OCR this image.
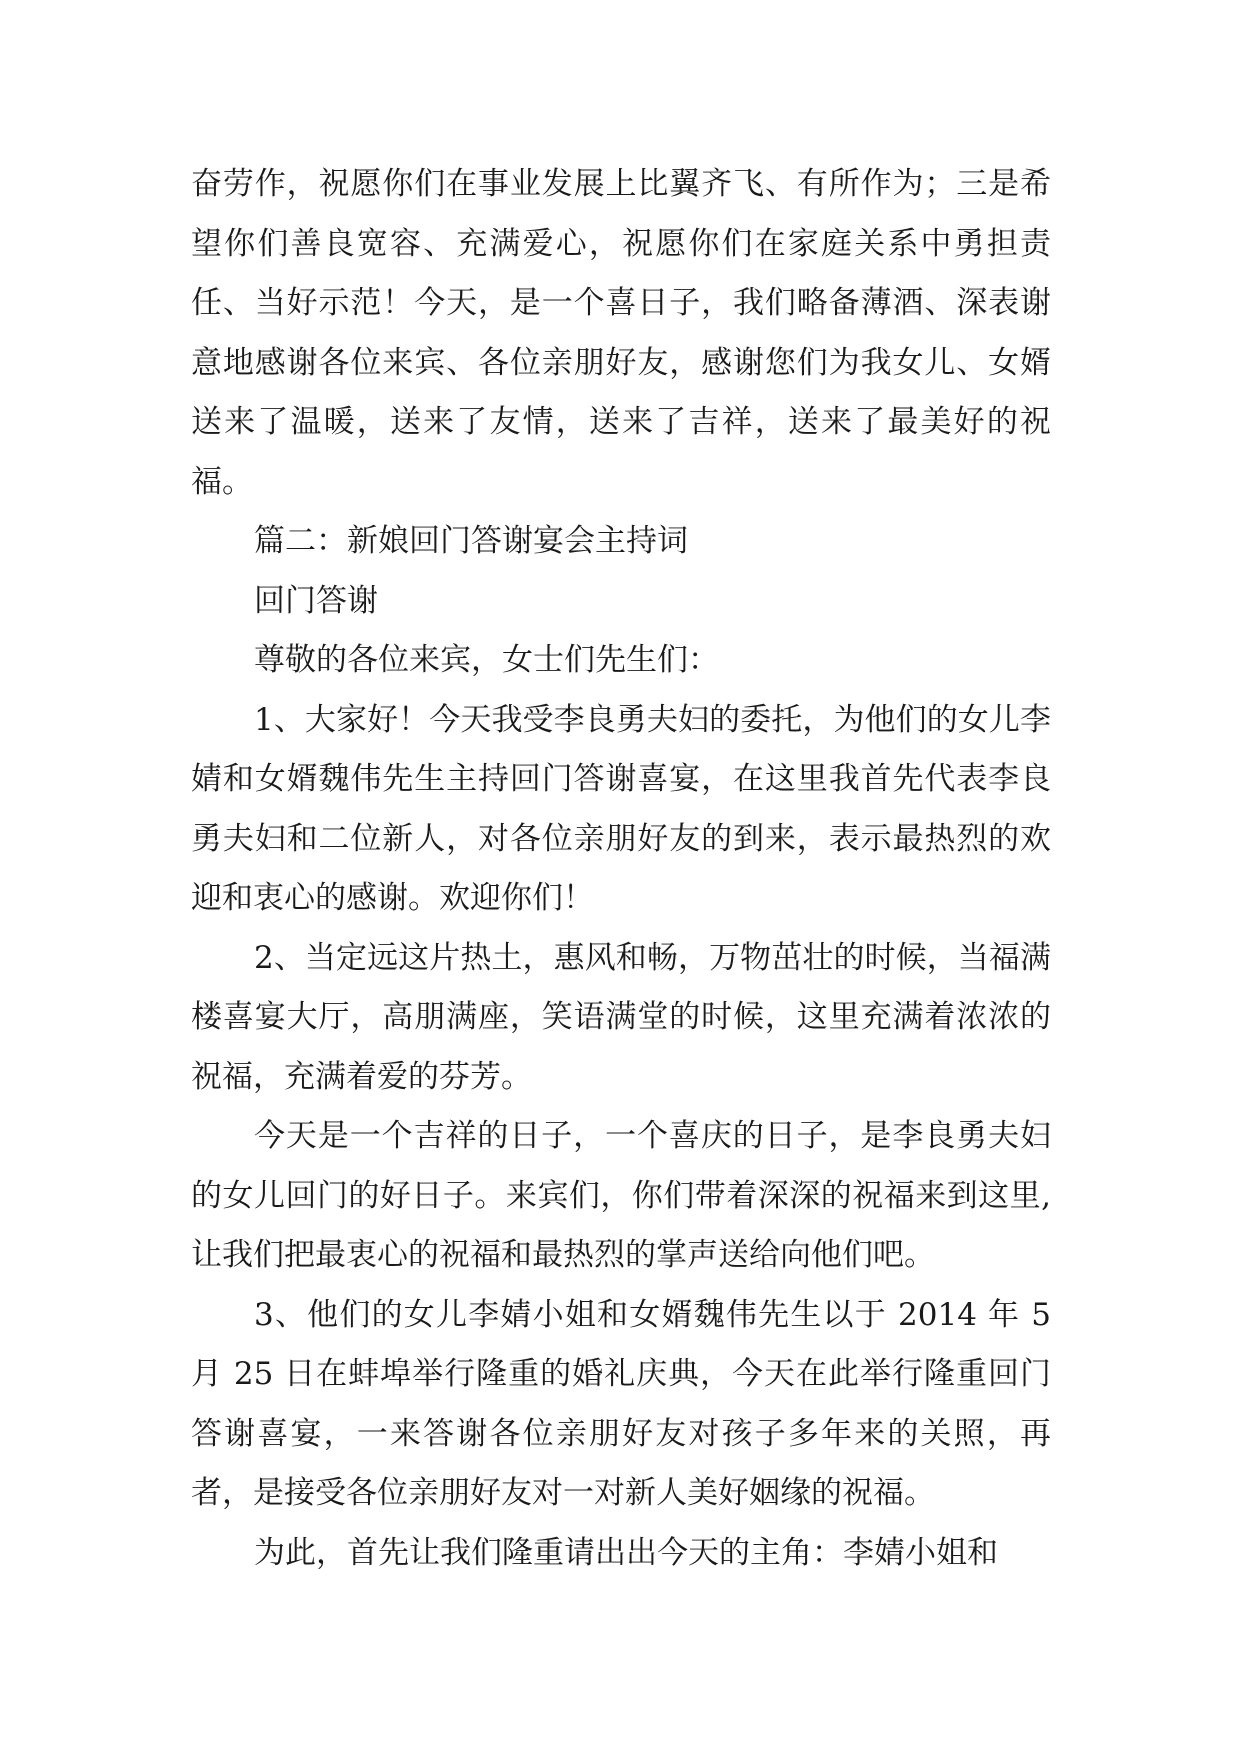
奋劳作，祝愿你们在事业发展上比翼齐飞、有所作为；三是希望你们善良宽容、充满爱心，祝愿你们在家庭关系中勇担责任、当好示范！今天，是一个喜日子，我们略备薄酒、深表谢意地感谢各位来宾、各位亲朋好友，感谢您们为我女儿、女婿送来了温暖，送来了友情，送来了吉祥，送来了最美好的祝福。

篇二：新娘回门答谢宴会主持词

回门答谢

尊敬的各位来宾，女士们先生们：

1、大家好！今天我受李良勇夫妇的委托，为他们的女儿李婧和女婿魏伟先生主持回门答谢喜宴，在这里我首先代表李良勇夫妇和二位新人，对各位亲朋好友的到来，表示最热烈的欢迎和衷心的感谢。欢迎你们！

2、当定远这片热土，惠风和畅，万物茁壮的时候，当福满楼喜宴大厅，高朋满座，笑语满堂的时候，这里充满着浓浓的祝福，充满着爱的芬芳。

今天是一个吉祥的日子，一个喜庆的日子，是李良勇夫妇的女儿回门的好日子。来宾们，你们带着深深的祝福来到这里,让我们把最衷心的祝福和最热烈的掌声送给向他们吧。

3、他们的女儿李婧小姐和女婿魏伟先生以于 2014 年 5 月 25 日在蚌埠举行隆重的婚礼庆典，今天在此举行隆重回门答谢喜宴，一来答谢各位亲朋好友对孩子多年来的关照，再者，是接受各位亲朋好友对一对新人美好姻缘的祝福。

为此，首先让我们隆重请出出今天的主角：李婧小姐和
